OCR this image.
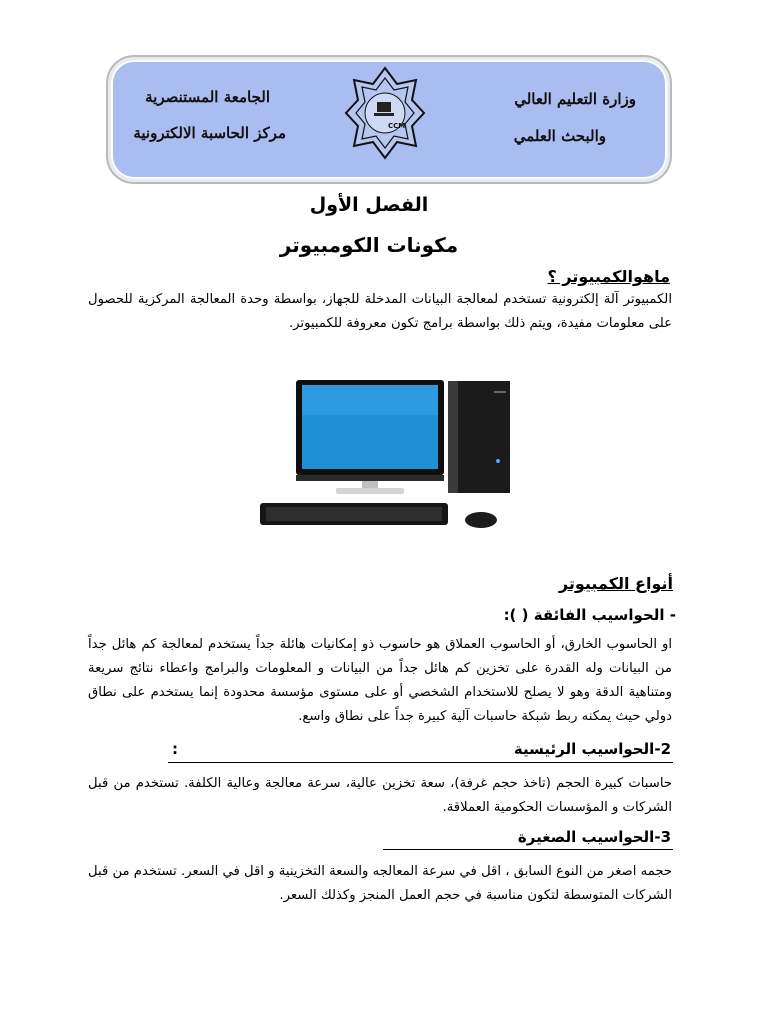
وزارة التعليم العالي
والبحث العلمي
الجامعة المستنصرية
مركز الحاسبة الالكترونية	CCM
الفصل الأول
مكونات الكومبيوتر
ماهوالكمبيوتر ؟
الكمبيوتر آلة إلكترونية تستخدم لمعالجة البيانات المدخلة للجهاز، بواسطة وحدة المعالجة المركزية للحصول على معلومات مفيدة، ويتم ذلك بواسطة برامج تكون معروفة للكمبيوتر.
أنواع الكمبيوتر
- الحواسيب الفائقة ( ):
او الحاسوب الخارق، أو الحاسوب العملاق هو حاسوب ذو إمكانيات هائلة جداً يستخدم لمعالجة كم هائل جداً من البيانات وله القدرة على تخزين كم هائل جداً من البيانات و المعلومات والبرامج واعطاء نتائج سريعة ومتناهية الدقة وهو لا يصلح للاستخدام الشخصي أو على مستوى مؤسسة محدودة إنما يستخدم على نطاق دولي حيث يمكنه ربط شبكة حاسبات آلية كبيرة جداً على نطاق واسع.
2-الحواسيب الرئيسية
:
حاسبات كبيرة الحجم (تاخذ حجم غرفة)، سعة تخزين عالية، سرعة معالجة وعالية الكلفة. تستخدم من قبل الشركات و المؤسسات الحكومية العملاقة.
3-الحواسيب الصغيرة
حجمه اصغر من النوع السابق ، اقل في سرعة المعالجه والسعة التخزينية و اقل في السعر. تستخدم من قبل الشركات المتوسطة لتكون مناسبة في حجم العمل المنجز وكذلك السعر.
